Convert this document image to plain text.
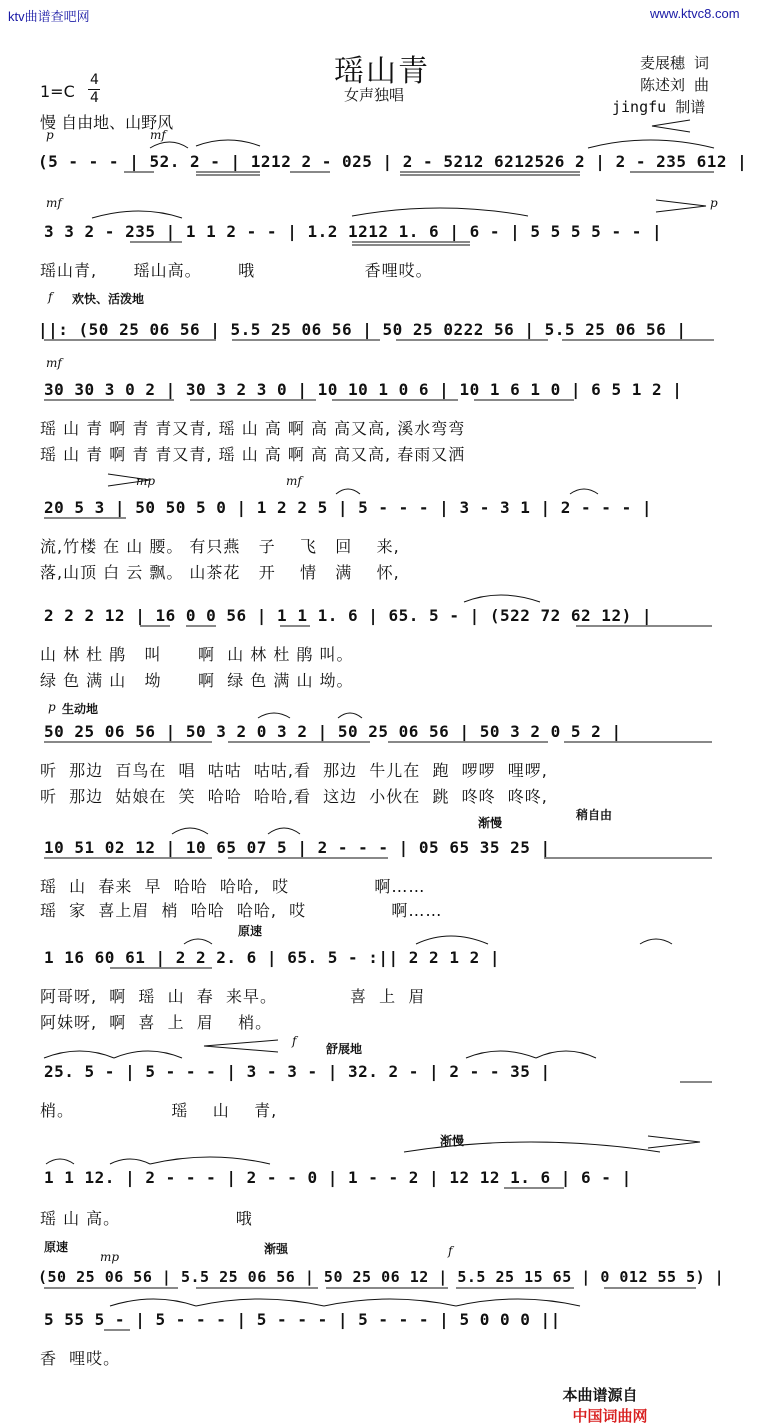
ktv曲谱查吧网	www.ktvc8.com
瑶山青
女声独唱
麦展穗 词
陈述刘 曲
jingfu 制谱
1=C
4
4
慢 自由地、山野风
p	mf
(5 - - - | 52. 2 - | 1212 2 - 025 | 2 - 5212 6212526 2 | 2 - 235 612 |
mf	p
3 3 2 - 235 | 1 1 2 - - | 1.2 1212 1. 6 | 6 - | 5 5 5 5 - - |
瑶山青,      瑶山高。      哦                  香哩哎。
f 欢快、活泼地
||: (50 25 06 56 | 5.5 25 06 56 | 50 25 0222 56 | 5.5 25 06 56 |
mf
30 30 3 0 2 | 30 3 2 3 0 | 10 10 1 0 6 | 10 1 6 1 0 | 6 5 1 2 |
瑶 山 青 啊 青 青又青, 瑶 山 高 啊 高 高又高, 溪水弯弯
瑶 山 青 啊 青 青又青, 瑶 山 高 啊 高 高又高, 春雨又洒
mp	mf
20 5 3 | 50 50 5 0 | 1 2 2 5 | 5 - - - | 3 - 3 1 | 2 - - - |
流,竹楼 在 山 腰。 有只燕   子    飞   回    来,
落,山顶 白 云 飘。 山茶花   开    情   满    怀,
2 2 2 12 | 16 0 0 56 | 1 1 1. 6 | 65. 5 - | (522 72 62 12) |
山 林 杜 鹃   叫      啊  山 林 杜 鹃 叫。
绿 色 满 山   坳      啊  绿 色 满 山 坳。
p 生动地
50 25 06 56 | 50 3 2 0 3 2 | 50 25 06 56 | 50 3 2 0 5 2 |
听  那边  百鸟在  唱  咕咕  咕咕,看  那边  牛儿在  跑  啰啰  哩啰,
听  那边  姑娘在  笑  哈哈  哈哈,看  这边  小伙在  跳  咚咚  咚咚,
渐慢
稍自由
10 51 02 12 | 10 65 07 5 | 2 - - - | 05 65 35 25 |
瑶  山  春来  早  哈哈  哈哈,  哎              啊……
瑶  家  喜上眉  梢  哈哈  哈哈,  哎              啊……
原速
1 16 60 61 | 2 2 2. 6 | 65. 5 - :|| 2 2 1 2 |
阿哥呀,  啊  瑶  山  春  来早。            喜  上  眉
阿妹呀,  啊  喜  上  眉    梢。
f
舒展地
25. 5 - | 5 - - - | 3 - 3 - | 32. 2 - | 2 - - 35 |
梢。                瑶    山    青,
渐慢
1 1 12. | 2 - - - | 2 - - 0 | 1 - - 2 | 12 12 1. 6 | 6 - |
瑶 山 高。                   哦
原速	渐强
mp	f
(50 25 06 56 | 5.5 25 06 56 | 50 25 06 12 | 5.5 25 15 65 | 0 012 55 5) |
5 55 5 - | 5 - - - | 5 - - - | 5 - - - | 5 0 0 0 ||
香  哩哎。

本曲谱源自
中国词曲网
